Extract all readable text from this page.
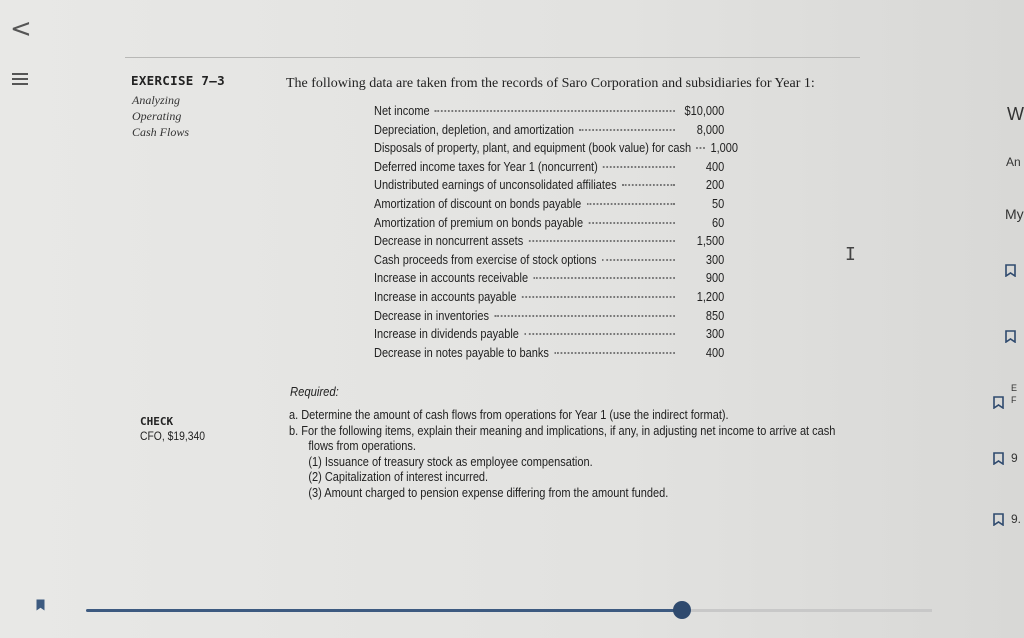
<
EXERCISE 7–3
Analyzing
Operating
Cash Flows
The following data are taken from the records of Saro Corporation and subsidiaries for Year 1:
Net income	$10,000
Depreciation, depletion, and amortization	8,000
Disposals of property, plant, and equipment (book value) for cash 1,000
Deferred income taxes for Year 1 (noncurrent)	400
Undistributed earnings of unconsolidated affiliates	200
Amortization of discount on bonds payable	50
Amortization of premium on bonds payable	60
Decrease in noncurrent assets	1,500
Cash proceeds from exercise of stock options	300
Increase in accounts receivable	900
Increase in accounts payable	1,200
Decrease in inventories	850
Increase in dividends payable	300
Decrease in notes payable to banks	400
I
Required:
CHECK
CFO, $19,340
a. Determine the amount of cash flows from operations for Year 1 (use the indirect format).
b. For the following items, explain their meaning and implications, if any, in adjusting net income to arrive at cash
flows from operations.
(1) Issuance of treasury stock as employee compensation.
(2) Capitalization of interest incurred.
(3) Amount charged to pension expense differing from the amount funded.
W
An
My
E F
9
9.
